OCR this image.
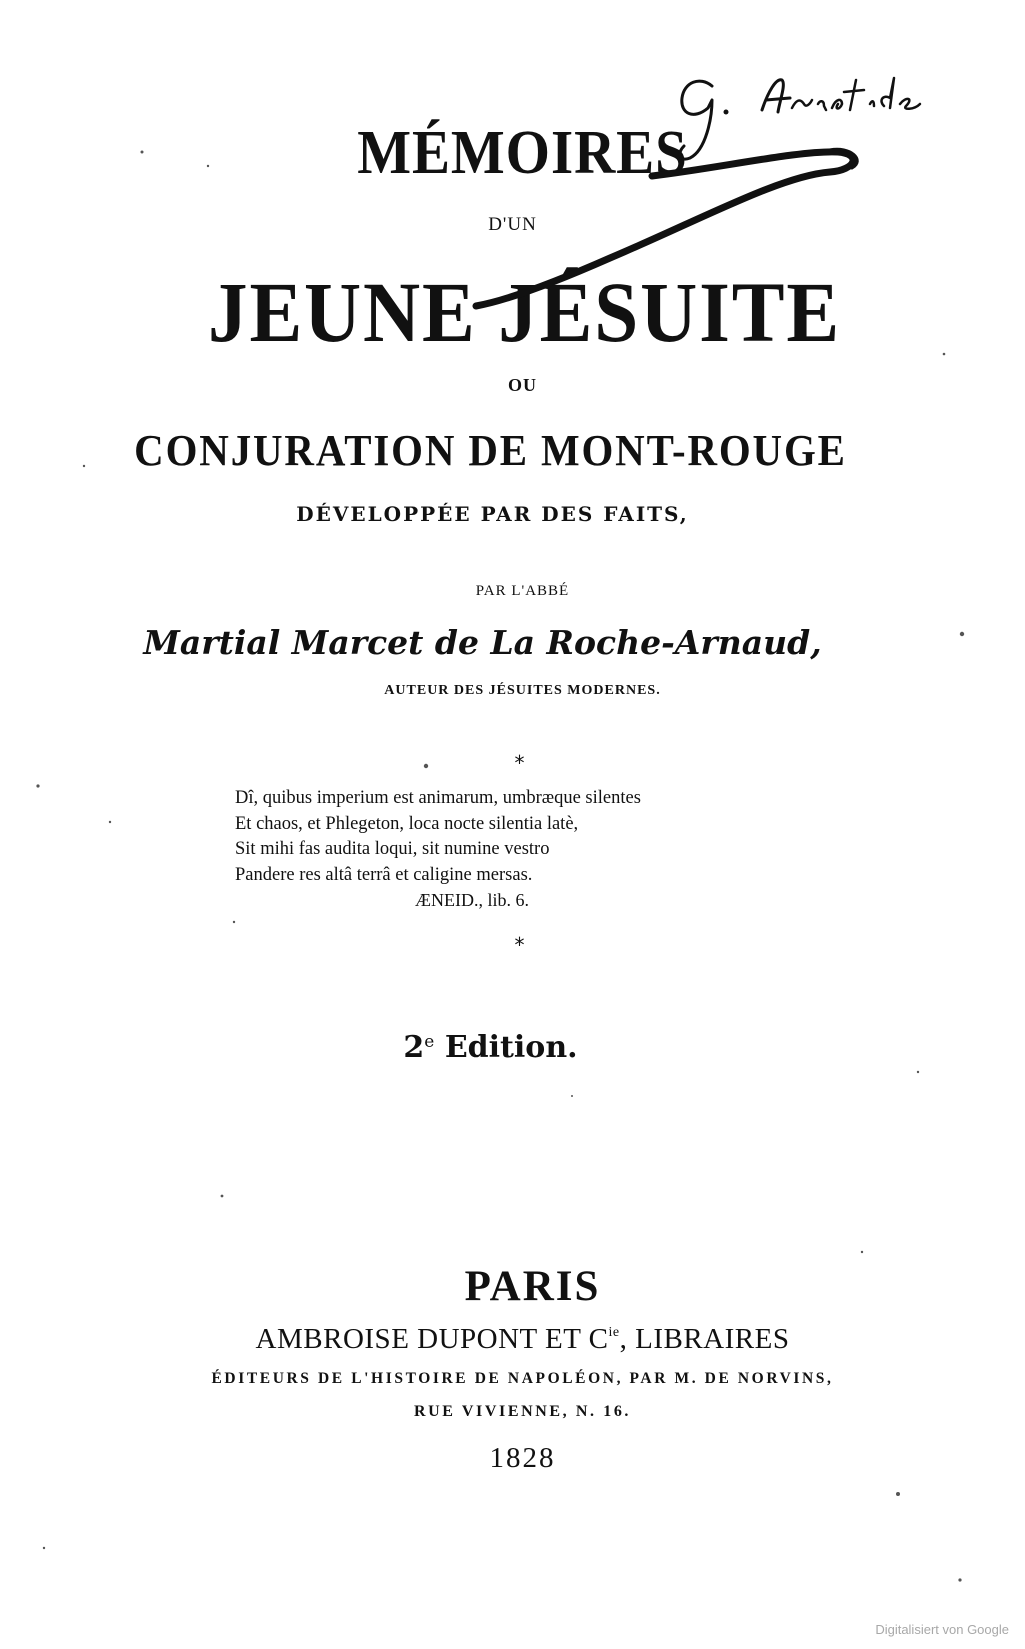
MÉMOIRES
D'UN
JEUNE JÉSUITE
OU
CONJURATION DE MONT-ROUGE
DÉVELOPPÉE PAR DES FAITS,
PAR L'ABBÉ
Martial Marcet de La Roche-Arnaud,
AUTEUR DES JÉSUITES MODERNES.
*
Dî, quibus imperium est animarum, umbræque silentes
Et chaos, et Phlegeton, loca nocte silentia latè,
Sit mihi fas audita loqui, sit numine vestro
Pandere res altâ terrâ et caligine mersas.
ÆNEID., lib. 6.
*
2e Edition.
PARIS
AMBROISE DUPONT ET $C^{ie}$, LIBRAIRES
ÉDITEURS DE L'HISTOIRE DE NAPOLÉON, PAR M. DE NORVINS,
RUE VIVIENNE, N. 16.
1828
Digitalisiert von Google
